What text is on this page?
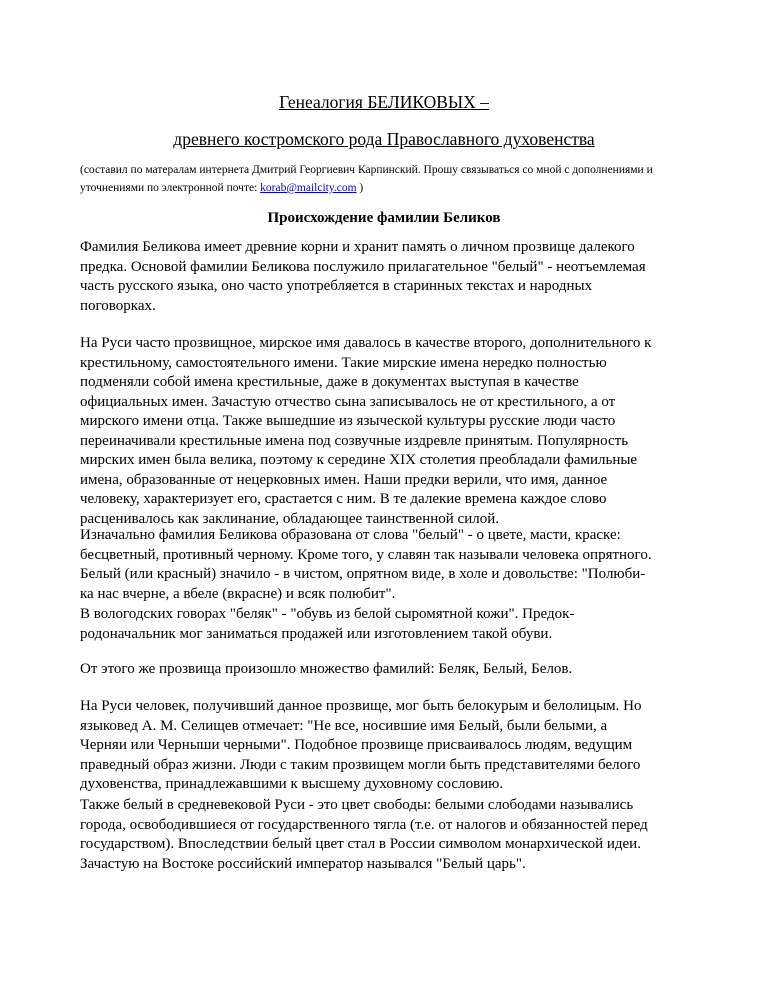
Генеалогия БЕЛИКОВЫХ –
древнего костромского рода Православного духовенства
(составил по матералам интернета Дмитрий Георгиевич Карпинский. Прошу связываться со мной с дополнениями и
уточнениями по электронной почте: korab@mailcity.com )
Происхождение фамилии Беликов
Фамилия Беликова имеет древние корни и хранит память о личном прозвище далекого
предка. Основой фамилии Беликова послужило прилагательное "белый" - неотъемлемая
часть русского языка, оно часто употребляется в старинных текстах и народных
поговорках.
На Руси часто прозвищное, мирское имя давалось в качестве второго, дополнительного к
крестильному, самостоятельного имени. Такие мирские имена нередко полностью
подменяли собой имена крестильные, даже в документах выступая в качестве
официальных имен. Зачастую отчество сына записывалось не от крестильного, а от
мирского имени отца. Также вышедшие из языческой культуры русские люди часто
переиначивали крестильные имена под созвучные издревле принятым. Популярность
мирских имен была велика, поэтому к середине XIX столетия преобладали фамильные
имена, образованные от нецерковных имен. Наши предки верили, что имя, данное
человеку, характеризует его, срастается с ним. В те далекие времена каждое слово
расценивалось как заклинание, обладающее таинственной силой.
Изначально фамилия Беликова образована от слова "белый" - о цвете, масти, краске:
бесцветный, противный черному. Кроме того, у славян так называли человека опрятного.
Белый (или красный) значило - в чистом, опрятном виде, в холе и довольстве: "Полюби-
ка нас вчерне, а вбеле (вкрасне) и всяк полюбит".
В вологодских говорах "беляк" - "обувь из белой сыромятной кожи". Предок-
родоначальник мог заниматься продажей или изготовлением такой обуви.
От этого же прозвища произошло множество фамилий: Беляк, Белый, Белов.
На Руси человек, получивший данное прозвище, мог быть белокурым и белолицым. Но
языковед А. М. Селищев отмечает: "Не все, носившие имя Белый, были белыми, а
Черняи или Черныши черными". Подобное прозвище присваивалось людям, ведущим
праведный образ жизни. Люди с таким прозвищем могли быть представителями белого
духовенства, принадлежавшими к высшему духовному сословию.
Также белый в средневековой Руси - это цвет свободы: белыми слободами назывались
города, освободившиеся от государственного тягла (т.е. от налогов и обязанностей перед
государством). Впоследствии белый цвет стал в России символом монархической идеи.
Зачастую на Востоке российский император назывался "Белый царь".
